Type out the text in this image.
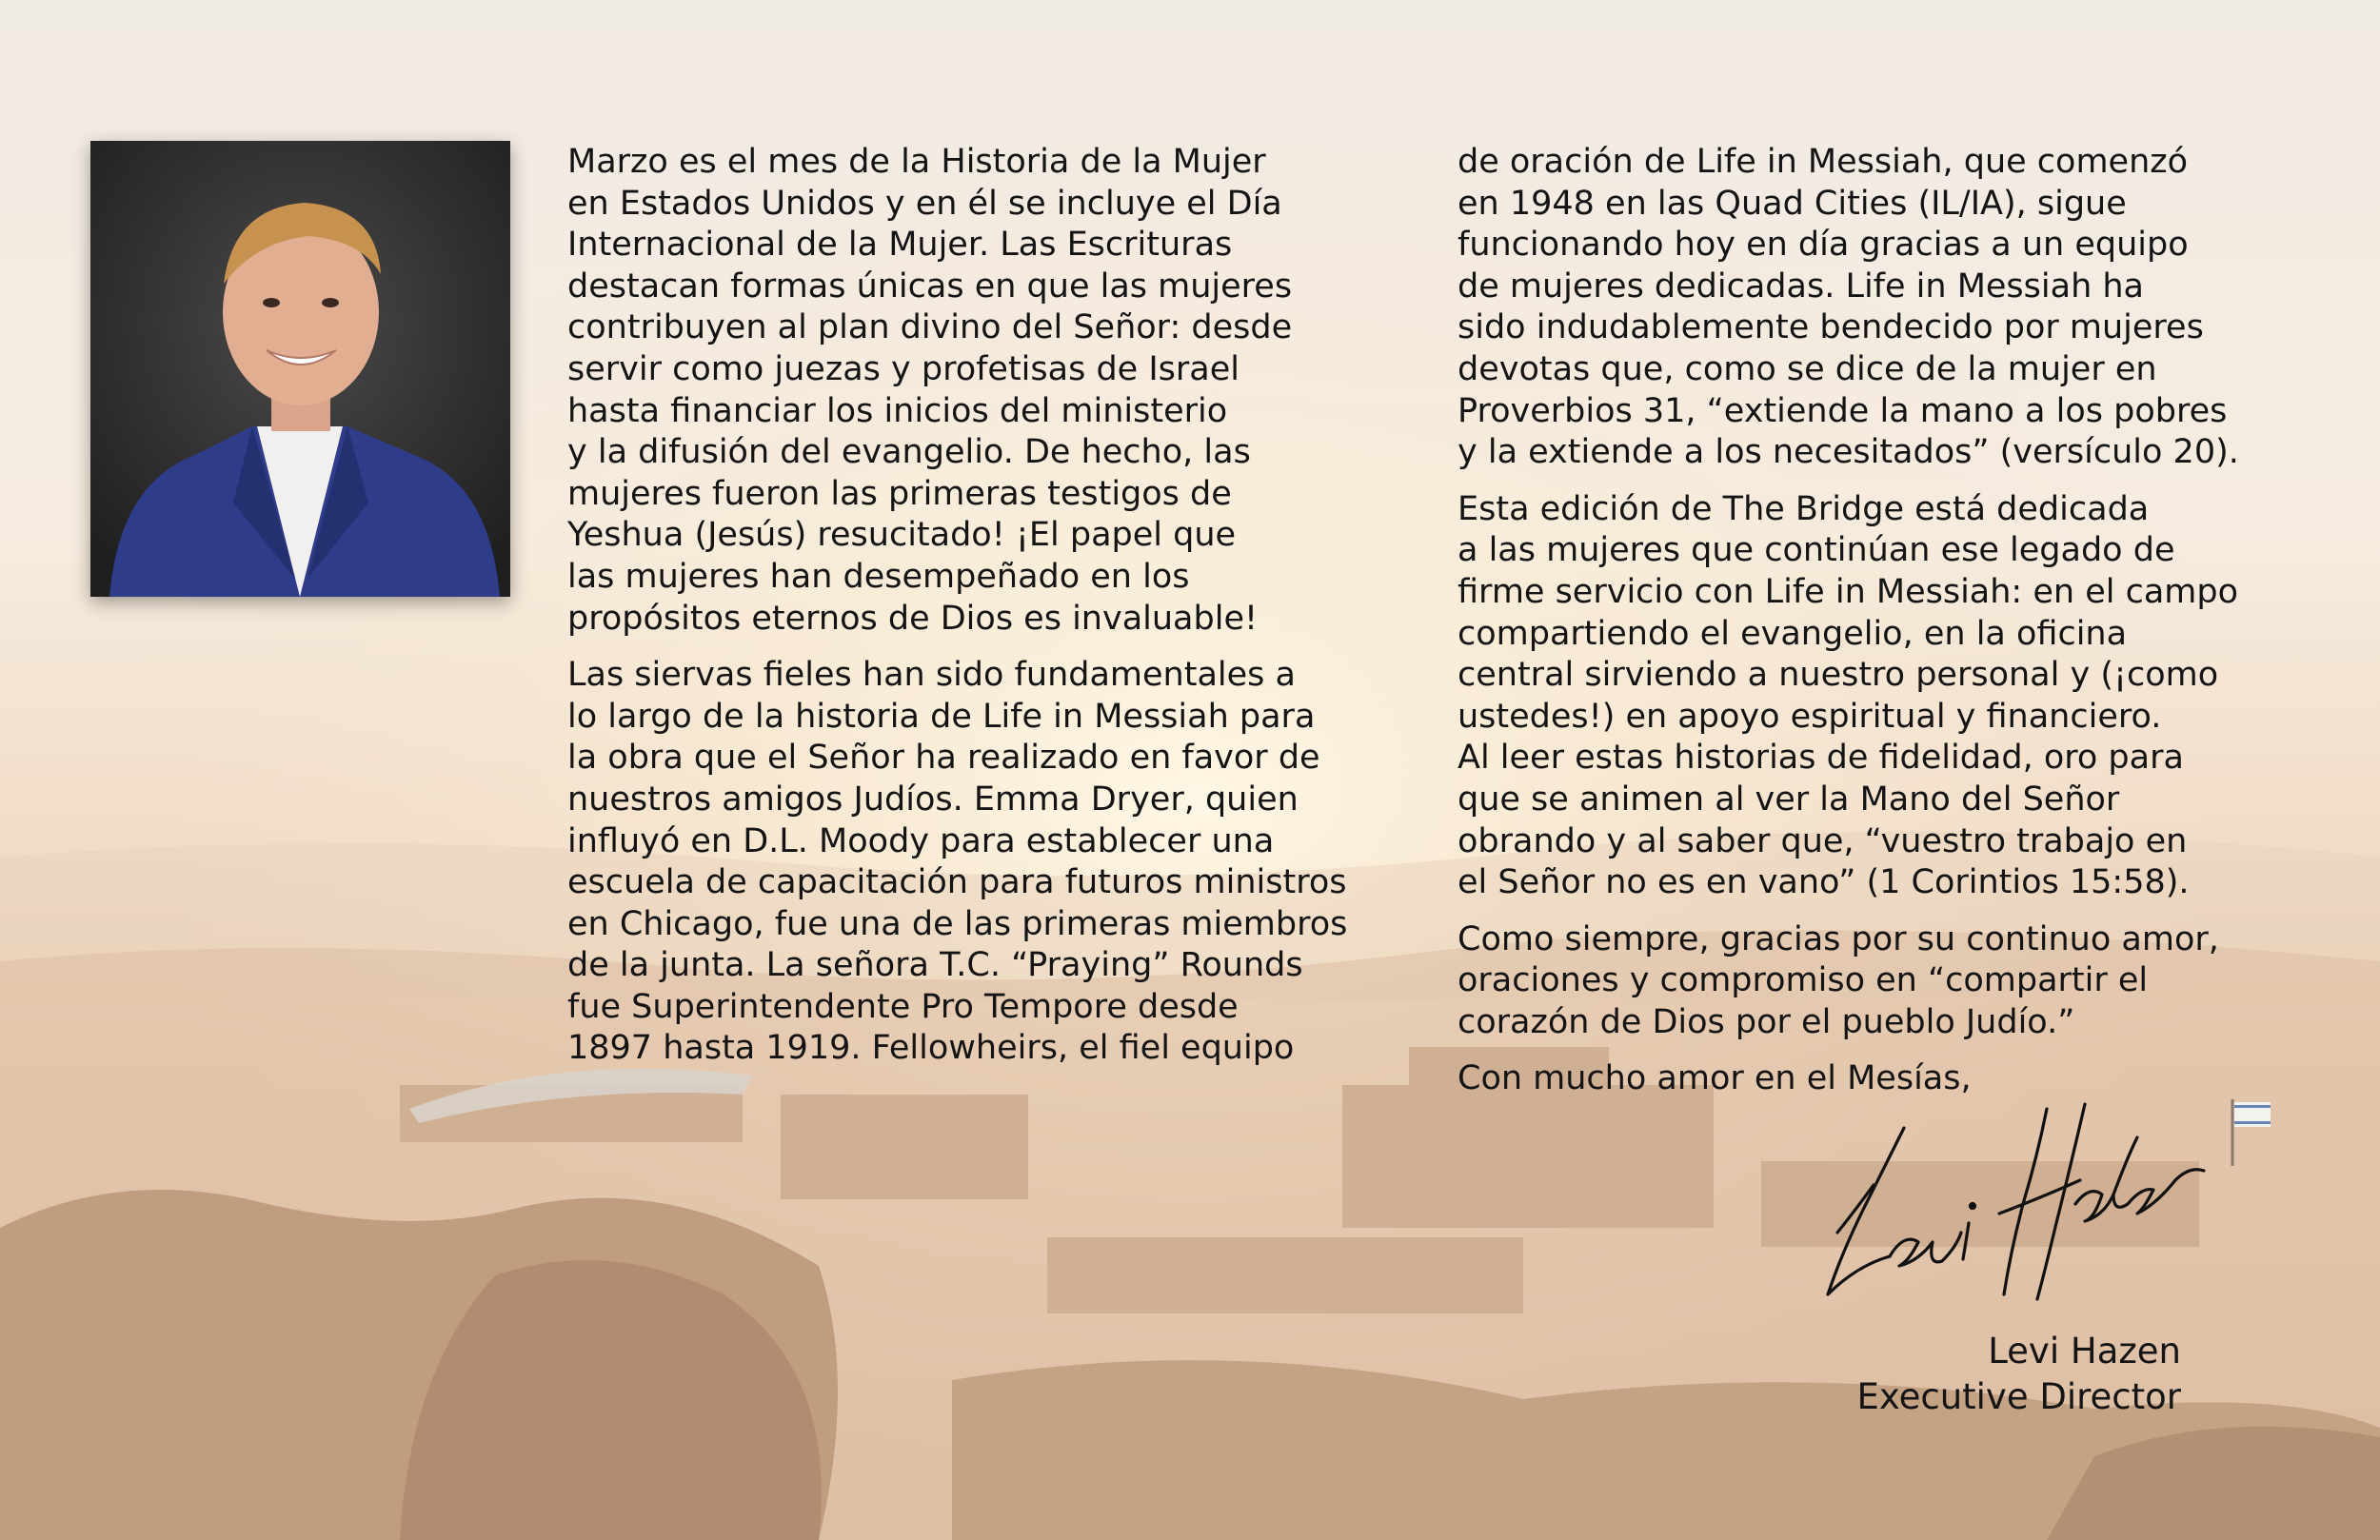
Marzo es el mes de la Historia de la Mujer
en Estados Unidos y en él se incluye el Día
Internacional de la Mujer. Las Escrituras
destacan formas únicas en que las mujeres
contribuyen al plan divino del Señor: desde
servir como juezas y profetisas de Israel
hasta financiar los inicios del ministerio
y la difusión del evangelio. De hecho, las
mujeres fueron las primeras testigos de
Yeshua (Jesús) resucitado! ¡El papel que
las mujeres han desempeñado en los
propósitos eternos de Dios es invaluable!

Las siervas fieles han sido fundamentales a
lo largo de la historia de Life in Messiah para
la obra que el Señor ha realizado en favor de
nuestros amigos Judíos. Emma Dryer, quien
influyó en D.L. Moody para establecer una
escuela de capacitación para futuros ministros
en Chicago, fue una de las primeras miembros
de la junta. La señora T.C. “Praying” Rounds
fue Superintendente Pro Tempore desde
1897 hasta 1919. Fellowheirs, el fiel equipo

de oración de Life in Messiah, que comenzó
en 1948 en las Quad Cities (IL/IA), sigue
funcionando hoy en día gracias a un equipo
de mujeres dedicadas. Life in Messiah ha
sido indudablemente bendecido por mujeres
devotas que, como se dice de la mujer en
Proverbios 31, “extiende la mano a los pobres
y la extiende a los necesitados” (versículo 20).

Esta edición de The Bridge está dedicada
a las mujeres que continúan ese legado de
firme servicio con Life in Messiah: en el campo
compartiendo el evangelio, en la oficina
central sirviendo a nuestro personal y (¡como
ustedes!) en apoyo espiritual y financiero.
Al leer estas historias de fidelidad, oro para
que se animen al ver la Mano del Señor
obrando y al saber que, “vuestro trabajo en
el Señor no es en vano” (1 Corintios 15:58).

Como siempre, gracias por su continuo amor,
oraciones y compromiso en “compartir el
corazón de Dios por el pueblo Judío.”

Con mucho amor en el Mesías,

Levi Hazen
Executive Director
